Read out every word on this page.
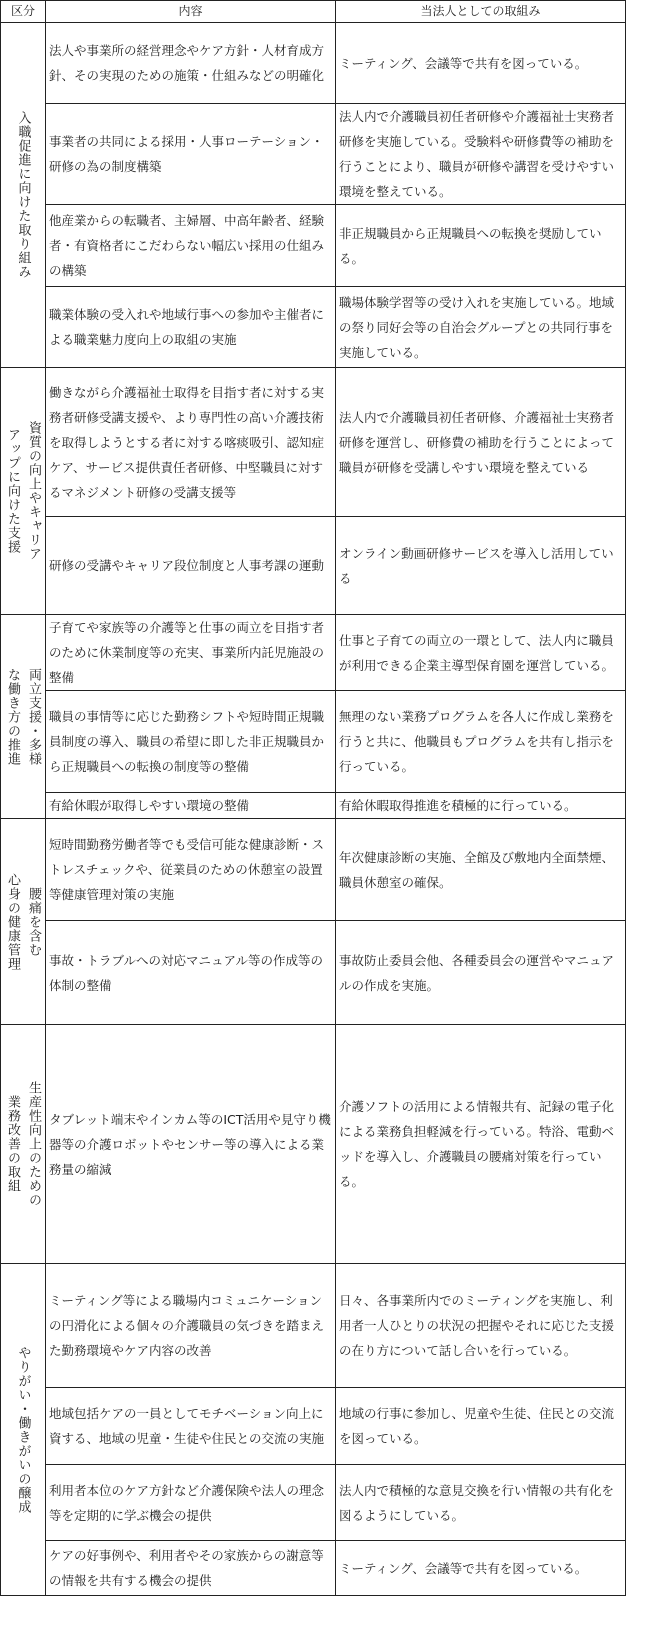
区分	内容	当法人としての取組み

入職促進に向けた取り組み	法人や事業所の経営理念やケア方針・人材育成方針、その実現のための施策・仕組みなどの明確化	ミーティング、会議等で共有を図っている。
	事業者の共同による採用・人事ローテーション・研修の為の制度構築	法人内で介護職員初任者研修や介護福祉士実務者研修を実施している。受験料や研修費等の補助を行うことにより、職員が研修や講習を受けやすい環境を整えている。
	他産業からの転職者、主婦層、中高年齢者、経験者・有資格者にこだわらない幅広い採用の仕組みの構築	非正規職員から正規職員への転換を奨励している。
	職業体験の受入れや地域行事への参加や主催者による職業魅力度向上の取組の実施	職場体験学習等の受け入れを実施している。地域の祭り同好会等の自治会グループとの共同行事を実施している。

アップに向けた支援 資質の向上やキャリア	働きながら介護福祉士取得を目指す者に対する実務者研修受講支援や、より専門性の高い介護技術を取得しようとする者に対する喀痰吸引、認知症ケア、サービス提供責任者研修、中堅職員に対するマネジメント研修の受講支援等	法人内で介護職員初任者研修、介護福祉士実務者研修を運営し、研修費の補助を行うことによって職員が研修を受講しやすい環境を整えている
	研修の受講やキャリア段位制度と人事考課の運動	オンライン動画研修サービスを導入し活用している

な働き方の推進 両立支援・多様	子育てや家族等の介護等と仕事の両立を目指す者のために休業制度等の充実、事業所内託児施設の整備	仕事と子育ての両立の一環として、法人内に職員が利用できる企業主導型保育園を運営している。
	職員の事情等に応じた勤務シフトや短時間正規職員制度の導入、職員の希望に即した非正規職員から正規職員への転換の制度等の整備	無理のない業務プログラムを各人に作成し業務を行うと共に、他職員もプログラムを共有し指示を行っている。
	有給休暇が取得しやすい環境の整備	有給休暇取得推進を積極的に行っている。

心身の健康管理 腰痛を含む	短時間勤務労働者等でも受信可能な健康診断・ストレスチェックや、従業員のための休憩室の設置等健康管理対策の実施	年次健康診断の実施、全館及び敷地内全面禁煙、職員休憩室の確保。
	事故・トラブルへの対応マニュアル等の作成等の体制の整備	事故防止委員会他、各種委員会の運営やマニュアルの作成を実施。

業務改善の取組 生産性向上のための	タブレット端末やインカム等のICT活用や見守り機器等の介護ロボットやセンサー等の導入による業務量の縮減	介護ソフトの活用による情報共有、記録の電子化による業務負担軽減を行っている。特浴、電動ベッドを導入し、介護職員の腰痛対策を行っている。

やりがい・働きがいの醸成	ミーティング等による職場内コミュニケーションの円滑化による個々の介護職員の気づきを踏まえた勤務環境やケア内容の改善	日々、各事業所内でのミーティングを実施し、利用者一人ひとりの状況の把握やそれに応じた支援の在り方について話し合いを行っている。
	地域包括ケアの一員としてモチベーション向上に資する、地域の児童・生徒や住民との交流の実施	地域の行事に参加し、児童や生徒、住民との交流を図っている。
	利用者本位のケア方針など介護保険や法人の理念等を定期的に学ぶ機会の提供	法人内で積極的な意見交換を行い情報の共有化を図るようにしている。
	ケアの好事例や、利用者やその家族からの謝意等の情報を共有する機会の提供	ミーティング、会議等で共有を図っている。
